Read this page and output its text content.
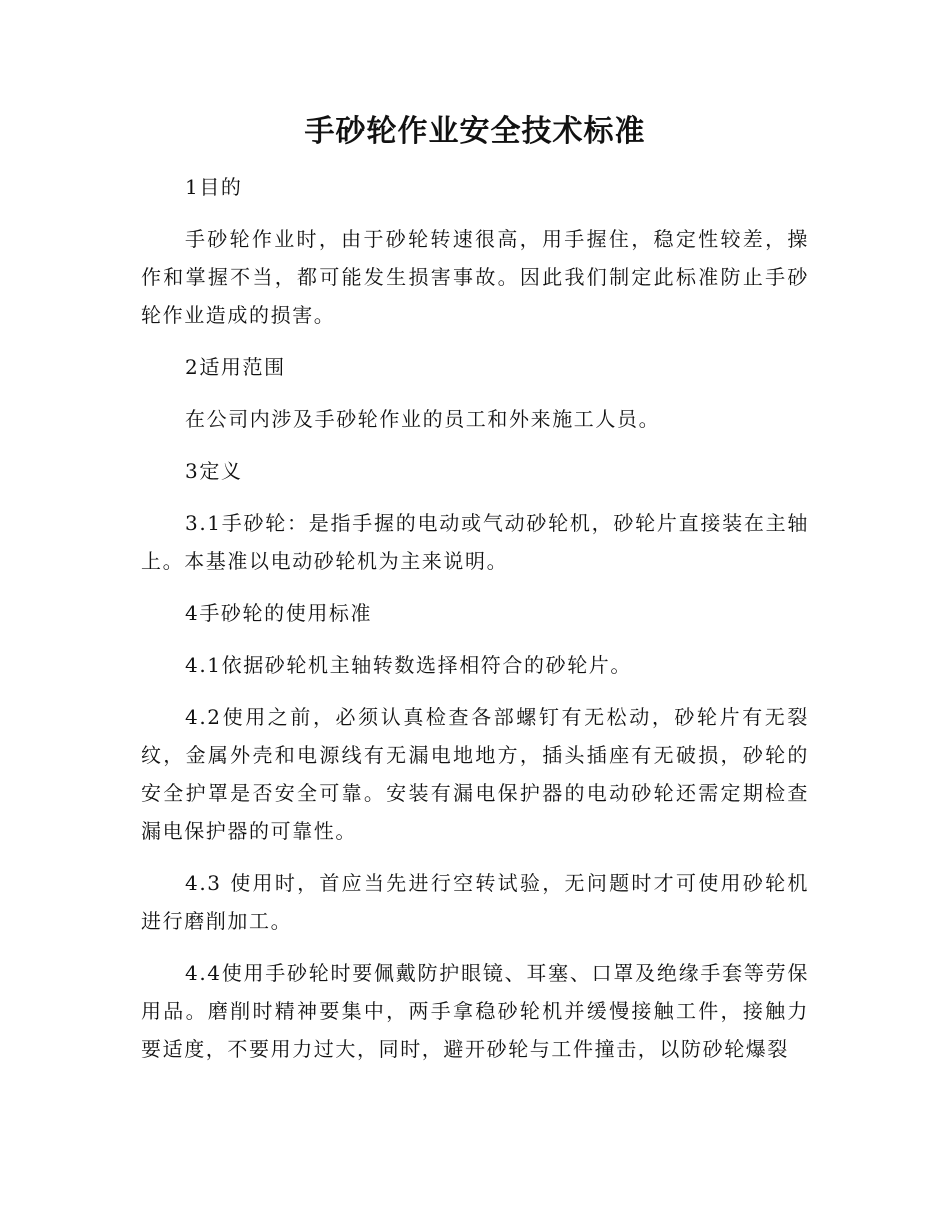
手砂轮作业安全技术标准

1目的

手砂轮作业时，由于砂轮转速很高，用手握住，稳定性较差，操作和掌握不当，都可能发生损害事故。因此我们制定此标准防止手砂轮作业造成的损害。

2适用范围

在公司内涉及手砂轮作业的员工和外来施工人员。

3定义

3.1手砂轮：是指手握的电动或气动砂轮机，砂轮片直接装在主轴上。本基准以电动砂轮机为主来说明。

4手砂轮的使用标准

4.1依据砂轮机主轴转数选择相符合的砂轮片。

4.2使用之前，必须认真检查各部螺钉有无松动，砂轮片有无裂纹，金属外壳和电源线有无漏电地地方，插头插座有无破损，砂轮的安全护罩是否安全可靠。安装有漏电保护器的电动砂轮还需定期检查漏电保护器的可靠性。

4.3 使用时，首应当先进行空转试验，无问题时才可使用砂轮机进行磨削加工。

4.4使用手砂轮时要佩戴防护眼镜、耳塞、口罩及绝缘手套等劳保用品。磨削时精神要集中，两手拿稳砂轮机并缓慢接触工件，接触力要适度，不要用力过大，同时，避开砂轮与工件撞击，以防砂轮爆裂
